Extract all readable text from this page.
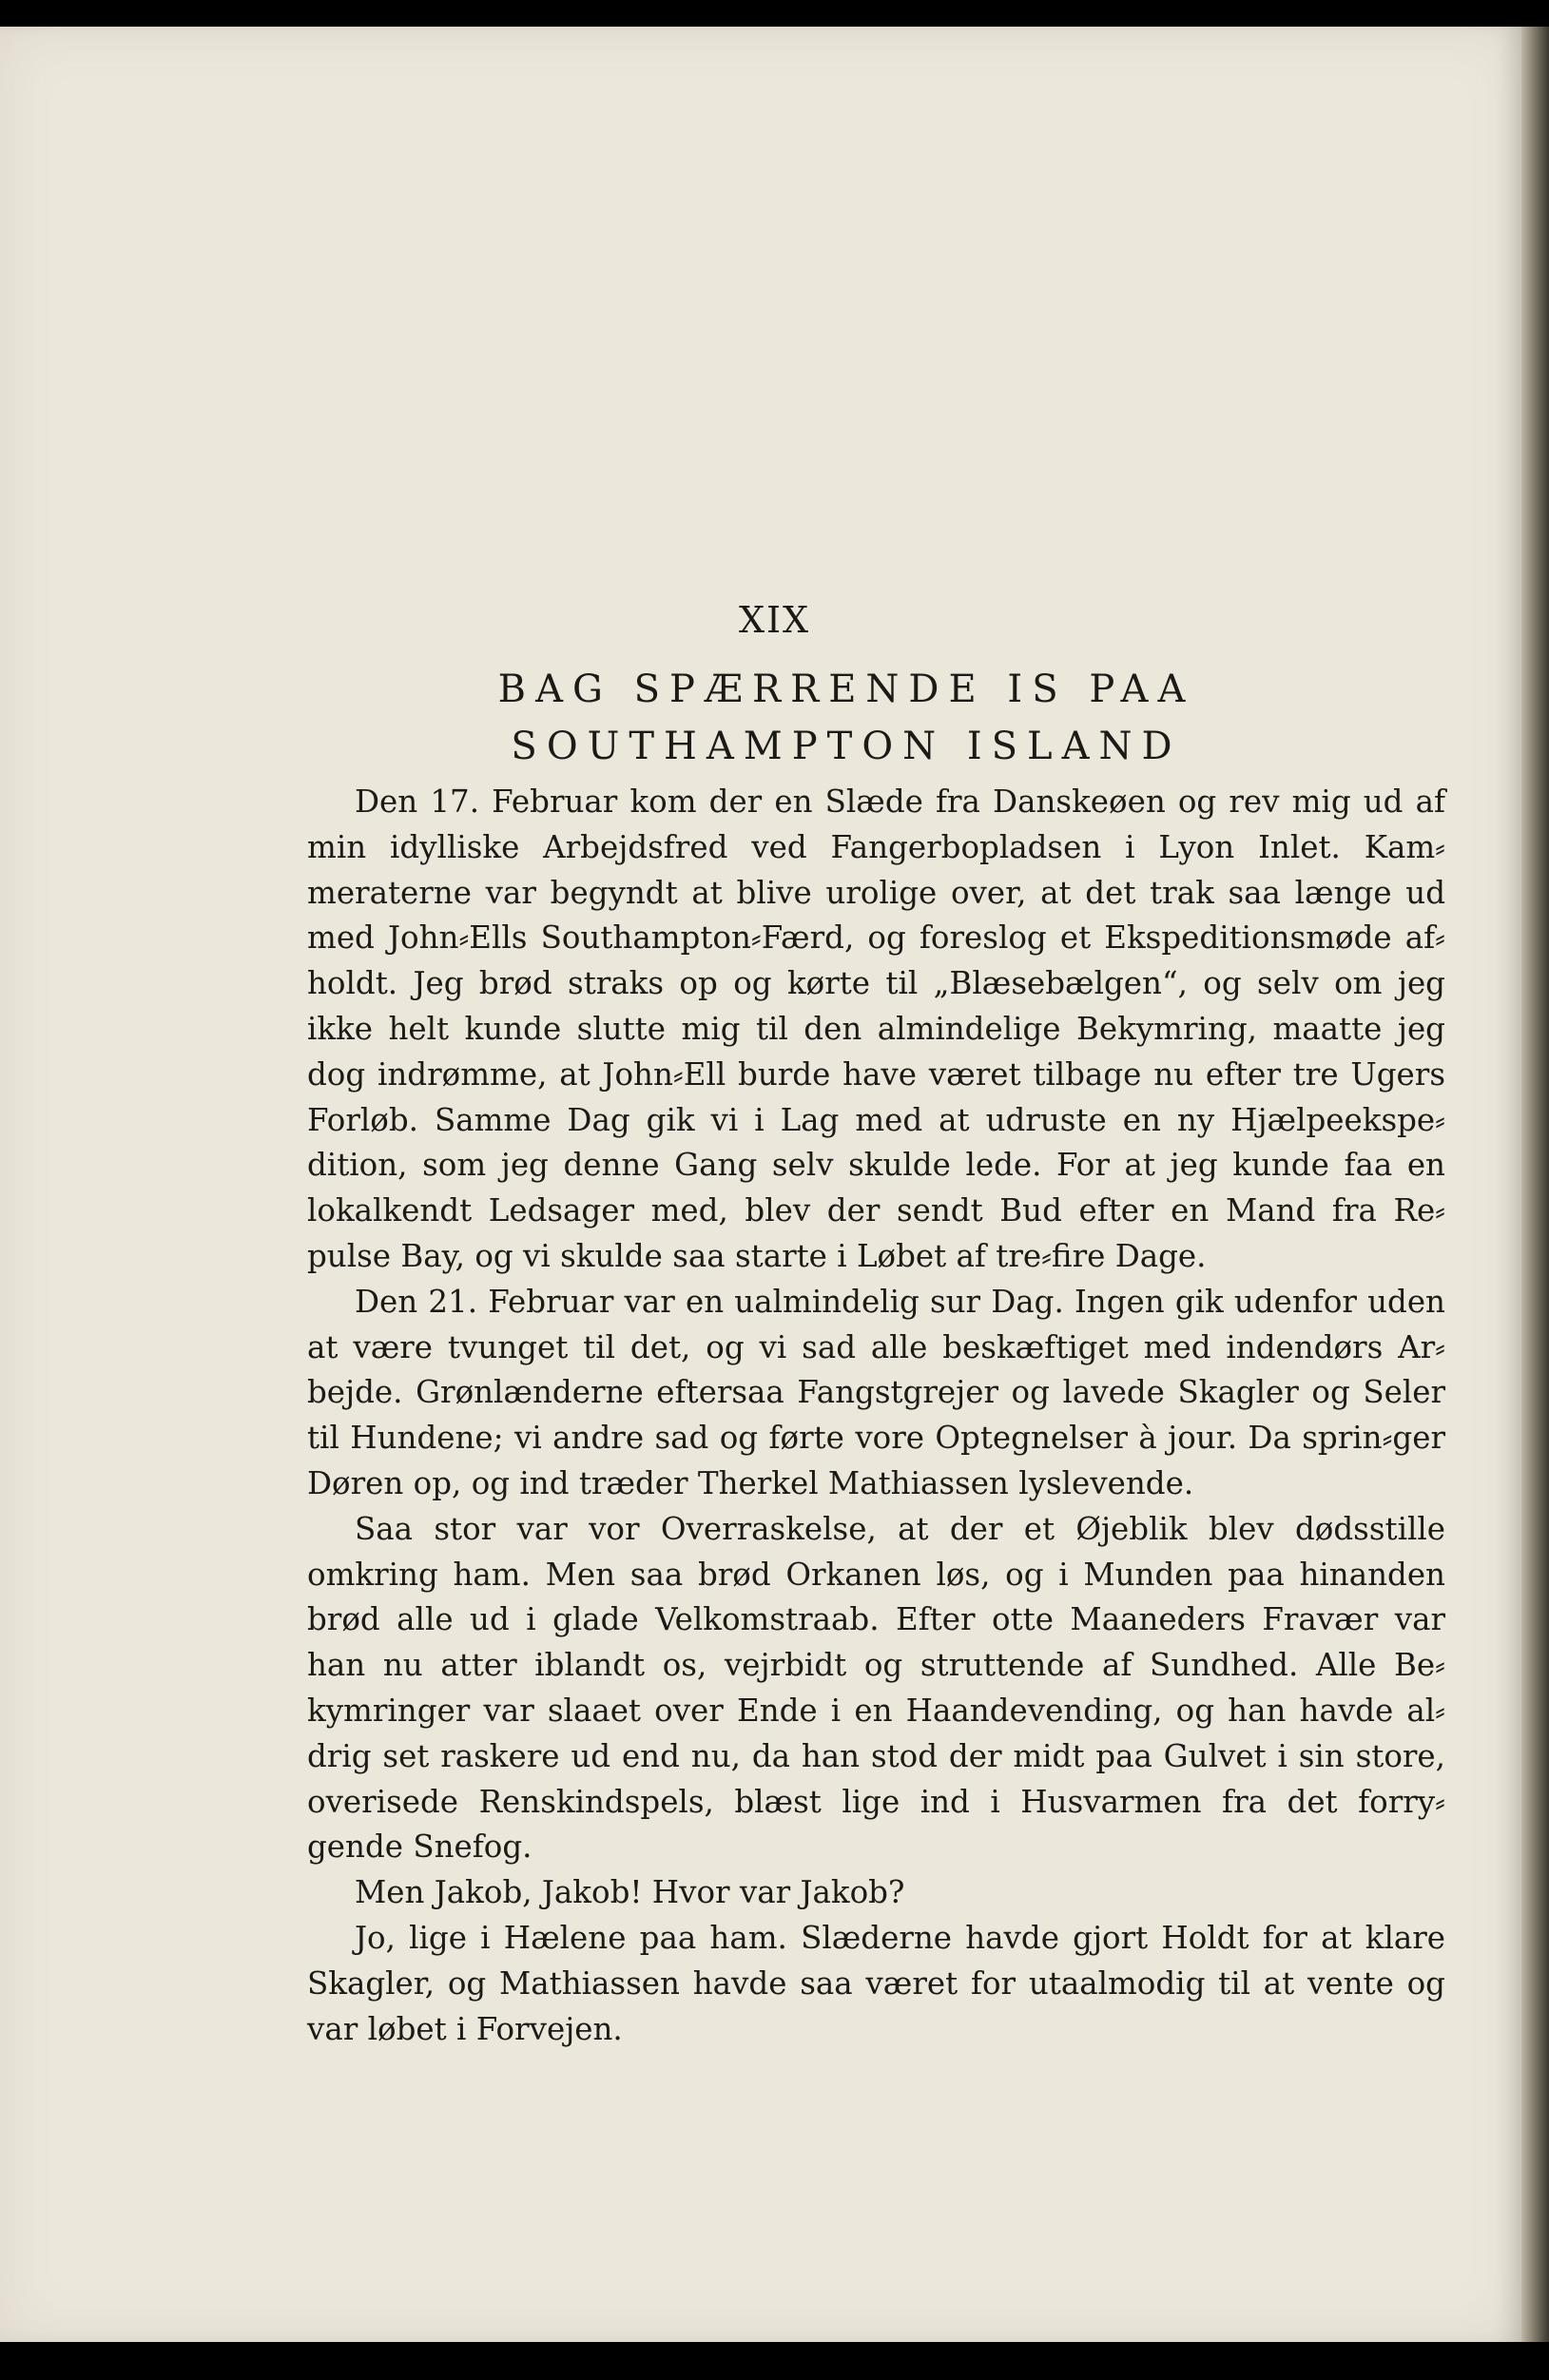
XIX
BAG SPÆRRENDE IS PAA SOUTHAMPTON ISLAND

Den 17. Februar kom der en Slæde fra Danskeøen og rev mig ud af min idylliske Arbejdsfred ved Fangerbopladsen i Lyon Inlet. Kam⸗meraterne var begyndt at blive urolige over, at det trak saa længe ud med John⸗Ells Southampton⸗Færd, og foreslog et Ekspeditionsmøde af⸗holdt. Jeg brød straks op og kørte til „Blæsebælgen“, og selv om jeg ikke helt kunde slutte mig til den almindelige Bekymring, maatte jeg dog indrømme, at John⸗Ell burde have været tilbage nu efter tre Ugers Forløb. Samme Dag gik vi i Lag med at udruste en ny Hjælpeekspe⸗dition, som jeg denne Gang selv skulde lede. For at jeg kunde faa en lokalkendt Ledsager med, blev der sendt Bud efter en Mand fra Re⸗pulse Bay, og vi skulde saa starte i Løbet af tre⸗fire Dage.

Den 21. Februar var en ualmindelig sur Dag. Ingen gik udenfor uden at være tvunget til det, og vi sad alle beskæftiget med indendørs Ar⸗bejde. Grønlænderne eftersaa Fangstgrejer og lavede Skagler og Seler til Hundene; vi andre sad og førte vore Optegnelser à jour. Da sprin⸗ger Døren op, og ind træder Therkel Mathiassen lyslevende.

Saa stor var vor Overraskelse, at der et Øjeblik blev dødsstille omkring ham. Men saa brød Orkanen løs, og i Munden paa hinanden brød alle ud i glade Velkomstraab. Efter otte Maaneders Fravær var han nu atter iblandt os, vejrbidt og struttende af Sundhed. Alle Be⸗kymringer var slaaet over Ende i en Haandevending, og han havde al⸗drig set raskere ud end nu, da han stod der midt paa Gulvet i sin store, overisede Renskindspels, blæst lige ind i Husvarmen fra det forry⸗gende Snefog.

Men Jakob, Jakob! Hvor var Jakob?

Jo, lige i Hælene paa ham. Slæderne havde gjort Holdt for at klare Skagler, og Mathiassen havde saa været for utaalmodig til at vente og var løbet i Forvejen.
